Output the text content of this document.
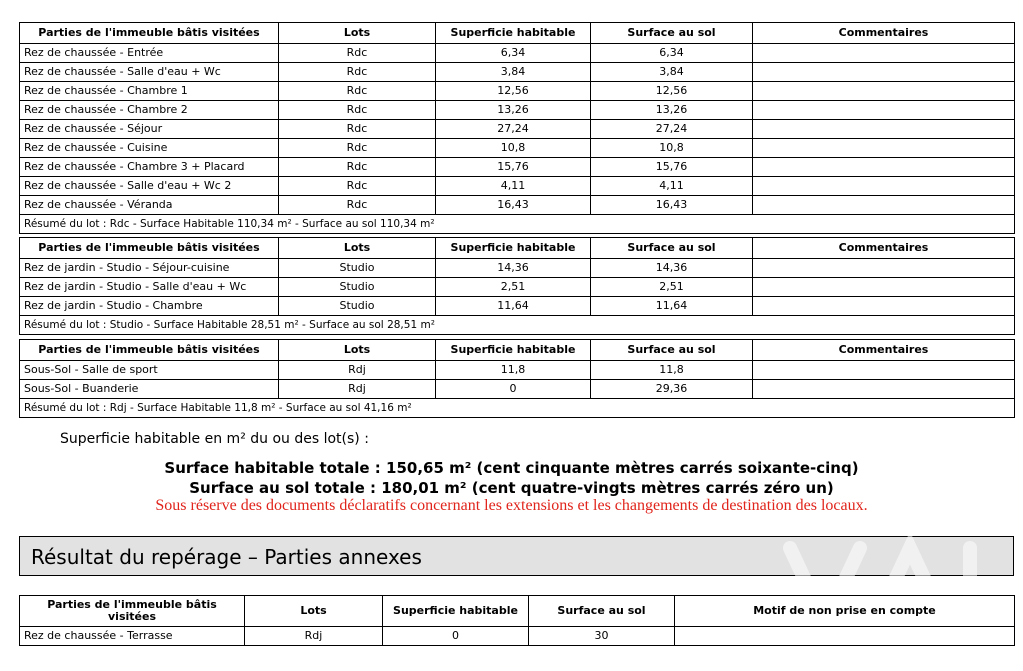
Parties de l'immeuble bâtis visitées	Lots	Superficie habitable	Surface au sol	Commentaires
Rez de chaussée - Entrée	Rdc	6,34	6,34	
Rez de chaussée - Salle d'eau + Wc	Rdc	3,84	3,84	
Rez de chaussée - Chambre 1	Rdc	12,56	12,56	
Rez de chaussée - Chambre 2	Rdc	13,26	13,26	
Rez de chaussée - Séjour	Rdc	27,24	27,24	
Rez de chaussée - Cuisine	Rdc	10,8	10,8	
Rez de chaussée - Chambre 3 + Placard	Rdc	15,76	15,76	
Rez de chaussée - Salle d'eau + Wc 2	Rdc	4,11	4,11	
Rez de chaussée - Véranda	Rdc	16,43	16,43	
Résumé du lot : Rdc - Surface Habitable 110,34 m² - Surface au sol 110,34 m²				
Parties de l'immeuble bâtis visitées	Lots	Superficie habitable	Surface au sol	Commentaires
Rez de jardin - Studio - Séjour-cuisine	Studio	14,36	14,36	
Rez de jardin - Studio - Salle d'eau + Wc	Studio	2,51	2,51	
Rez de jardin - Studio - Chambre	Studio	11,64	11,64	
Résumé du lot : Studio - Surface Habitable 28,51 m² - Surface au sol 28,51 m²				
Parties de l'immeuble bâtis visitées	Lots	Superficie habitable	Surface au sol	Commentaires
Sous-Sol - Salle de sport	Rdj	11,8	11,8	
Sous-Sol - Buanderie	Rdj	0	29,36	
Résumé du lot : Rdj - Surface Habitable 11,8 m² - Surface au sol 41,16 m²				
Superficie habitable en m² du ou des lot(s) :
Surface habitable totale : 150,65 m² (cent cinquante mètres carrés soixante-cinq)
Surface au sol totale : 180,01 m² (cent quatre-vingts mètres carrés zéro un)
Sous réserve des documents déclaratifs concernant les extensions et les changements de destination des locaux.
Résultat du repérage – Parties annexes
Parties de l'immeuble bâtis visitées	Lots	Superficie habitable	Surface au sol	Motif de non prise en compte
Rez de chaussée - Terrasse	Rdj	0	30	
